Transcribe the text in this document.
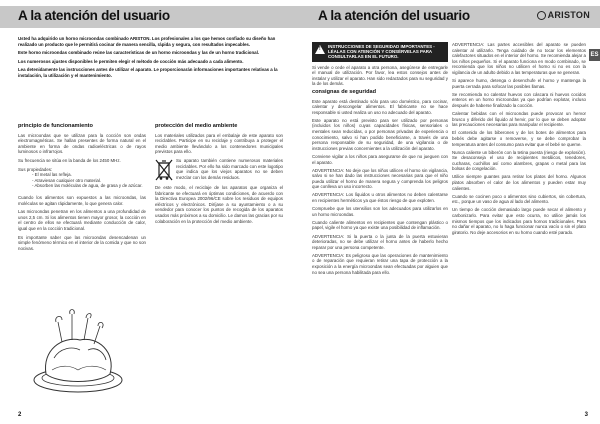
A la atención del usuario

Usted ha adquirido un horno microondas combinado ARISTON. Los profesionales a los que hemos confiado su diseño han realizado un producto que le permitirá cocinar de manera sencilla, rápida y segura, con resultados impecables.

Este horno microondas combinado reúne las características de un horno microondas y las de un horno tradicional.

Los numerosos ajustes disponibles le permiten elegir el método de cocción más adecuado a cada alimento.

Lea detenidamente las instrucciones antes de utilizar el aparato. Le proporcionarán informaciones importantes relativas a la instalación, la utilización y el mantenimiento.

principio de funcionamiento

Las microondas que se utilizan para la cocción son ondas electromagnéticas. Se hallan presentes de forma natural en el ambiente en forma de ondas radioeléctricas o de rayos luminosos o infrarrojos.

Su frecuencia se sitúa en la banda de los 2450 MHz.

Sus propiedades:
- El metal las refleja.
- Atraviesan cualquier otro material.
- Absorben las moléculas de agua, de grasa y de azúcar.

Cuando los alimentos son expuestos a las microondas, las moléculas se agitan rápidamente, lo que genera calor.

Las microondas penetran en los alimentos a una profundidad de unos 2,5 cm. Si los alimentos tienen mayor grosor, la cocción en el centro de ellos se efectuará mediante conducción de calor, igual que en la cocción tradicional.

Es importante saber que las microondas desencadenan un simple fenómeno térmico en el interior de la comida y que no son nocivas.

protección del medio ambiente

Los materiales utilizados para el embalaje de este aparato son reciclables. Participe en su reciclaje y contribuya a proteger el medio ambiente llevándolo a los contenedores municipales previstos para ello.

Su aparato también contiene numerosos materiales reciclables. Por ello ha sido marcado con este logotipo que indica que los viejos aparatos no se deben mezclar con los demás residuos.

De este modo, el reciclaje de los aparatos que organiza el fabricante se efectuará en óptimas condiciones, de acuerdo con la Directiva Europea 2002/96/CE sobre los residuos de equipos eléctricos y electrónicos. Diríjase a su ayuntamiento o a su vendedor para conocer los puntos de recogida de los aparatos usados más próximos a su domicilio. Le damos las gracias por su colaboración en la protección del medio ambiente.

2
A la atención del usuario	ARISTON
ES
! INSTRUCCIONES DE SEGURIDAD IMPORTANTES - LÉALAS CON ATENCIÓN Y CONSÉRVELAS PARA CONSULTARLAS EN EL FUTURO.

Si vende o cede el aparato a otra persona, asegúrese de entregarle el manual de utilización. Por favor, lea estos consejos antes de instalar y utilizar el aparato. Han sido redactados para su seguridad y la de los demás.

consignas de seguridad

Este aparato está destinado sólo para uso doméstico, para cocinar, calentar y descongelar alimentos. El fabricante no se hace responsable si usted realiza un uso no adecuado del aparato.

Este aparato no está previsto para ser utilizado por personas (incluidos los niños) cuyas capacidades físicas, sensoriales o mentales sean reducidas, o por personas privadas de experiencia o conocimiento, salvo si han podido beneficiarse, a través de una persona responsable de su seguridad, de una vigilancia o de instrucciones previas concernientes a la utilización del aparato.

Conviene vigilar a los niños para asegurarse de que no jueguen con el aparato.

ADVERTENCIA: No deje que los niños utilicen el horno sin vigilancia, salvo si se han dado las instrucciones necesarias para que el niño pueda utilizar el horno de manera segura y comprenda los peligros que conlleva un uso incorrecto.

ADVERTENCIA: Los líquidos u otros alimentos no deben calentarse en recipientes herméticos ya que éstos riesgo de que exploten.

Compruebe que los utensilios son los adecuados para utilizarlos en un horno microondas.

Cuando caliente alimentos en recipientes que contengan plástico o papel, vigile el horno ya que existe una posibilidad de inflamación.

ADVERTENCIA: Si la puerta o la junta de la puerta estuvieran deterioradas, no se debe utilizar el horno antes de haberlo hecho reparar por una persona competente.

ADVERTENCIA: Es peligroso que las operaciones de mantenimiento o de reparación que requieran retirar una tapa de protección a la exposición a la energía microondas sean efectuadas por alguien que no sea una persona habilitada para ello.

ADVERTENCIA: Las partes accesibles del aparato se pueden calentar al utilizarlo. Tenga cuidado de no tocar los elementos calefactores situados en el interior del horno. Se recomienda alejar a los niños pequeños. Si el aparato funciona en modo combinado, se recomienda que los niños no utilicen el horno si no es con la vigilancia de un adulto debido a las temperaturas que se generan.

Si aparece humo, detenga o desenchufe el horno y mantenga la puerta cerrada para sofocar las posibles llamas.

Se recomienda no calentar huevos con cáscara ni huevos cocidos enteros en un horno microondas ya que podrían explotar, incluso después de haberse finalizado la cocción.

Calentar bebidas con el microondas puede provocar un hervor brusco y diferido del líquido al hervir, por lo que se deben adoptar las precauciones necesarias para manipular el recipiente.

El contenido de los biberones y de los botes de alimentos para bebés debe agitarse o removerse, y se debe comprobar la temperatura antes del consumo para evitar que el bebé se queme.

Nunca caliente un biberón con la tetina puesta (riesgo de explosión). Se desaconseja el uso de recipientes metálicos, tenedores, cucharas, cuchillos así como alambres, grapas o metal para las bolsas de congelación.

Utilice siempre guantes para retirar los platos del horno. Algunos platos absorben el calor de los alimentos y pueden estar muy calientes.

Cuando se cocinen poco o alimentos sino cubiertos, sin cobertura, etc., porque un vaso de agua al lado del alimento.

Un tiempo de cocción demasiado largo puede secar el alimento y carbonizarlo. Para evitar que esto ocurra, no utilice jamás los mismos tiempos que los indicados para hornos tradicionales. Para no dañar el aparato, no lo haga funcionar nunca vacío o sin el plato giratorio. No deje accesorios en su horno cuando esté parado.

3
